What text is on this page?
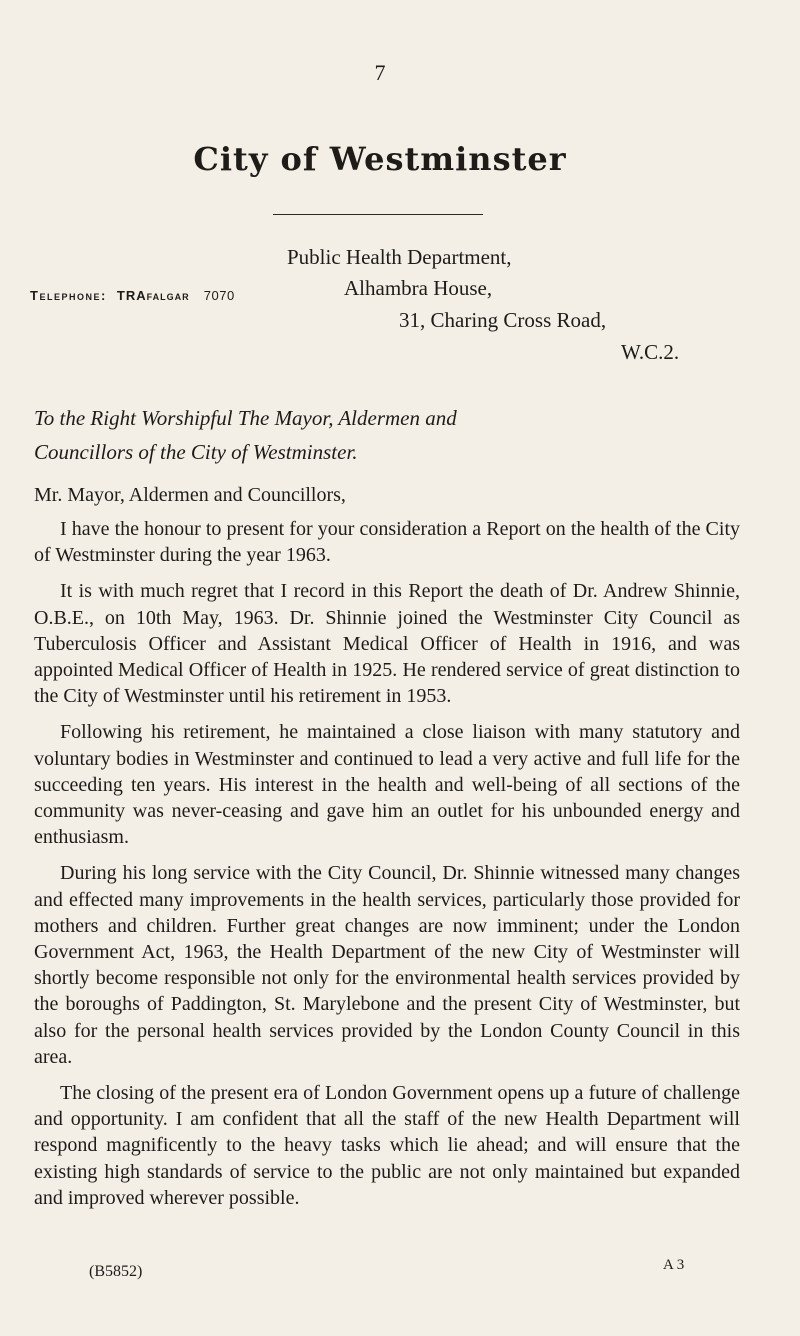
7
City of Westminster
Telephone: TRAfalgar 7070
Public Health Department,
Alhambra House,
31, Charing Cross Road,
W.C.2.
To the Right Worshipful The Mayor, Aldermen and
Councillors of the City of Westminster.
Mr. Mayor, Aldermen and Councillors,

I have the honour to present for your consideration a Report on the health of the City of Westminster during the year 1963.

It is with much regret that I record in this Report the death of Dr. Andrew Shinnie, O.B.E., on 10th May, 1963. Dr. Shinnie joined the Westminster City Council as Tuberculosis Officer and Assistant Medical Officer of Health in 1916, and was appointed Medical Officer of Health in 1925. He rendered service of great distinction to the City of Westminster until his retirement in 1953.

Following his retirement, he maintained a close liaison with many statutory and voluntary bodies in Westminster and continued to lead a very active and full life for the succeeding ten years. His interest in the health and well-being of all sections of the community was never-ceasing and gave him an outlet for his unbounded energy and enthusiasm.

During his long service with the City Council, Dr. Shinnie witnessed many changes and effected many improvements in the health services, particularly those provided for mothers and children. Further great changes are now imminent; under the London Government Act, 1963, the Health Department of the new City of Westminster will shortly become responsible not only for the environmental health services provided by the boroughs of Paddington, St. Marylebone and the present City of Westminster, but also for the personal health services provided by the London County Council in this area.

The closing of the present era of London Government opens up a future of challenge and opportunity. I am confident that all the staff of the new Health Department will respond magnificently to the heavy tasks which lie ahead; and will ensure that the existing high standards of service to the public are not only maintained but expanded and improved wherever possible.

(B5852)	A 3
